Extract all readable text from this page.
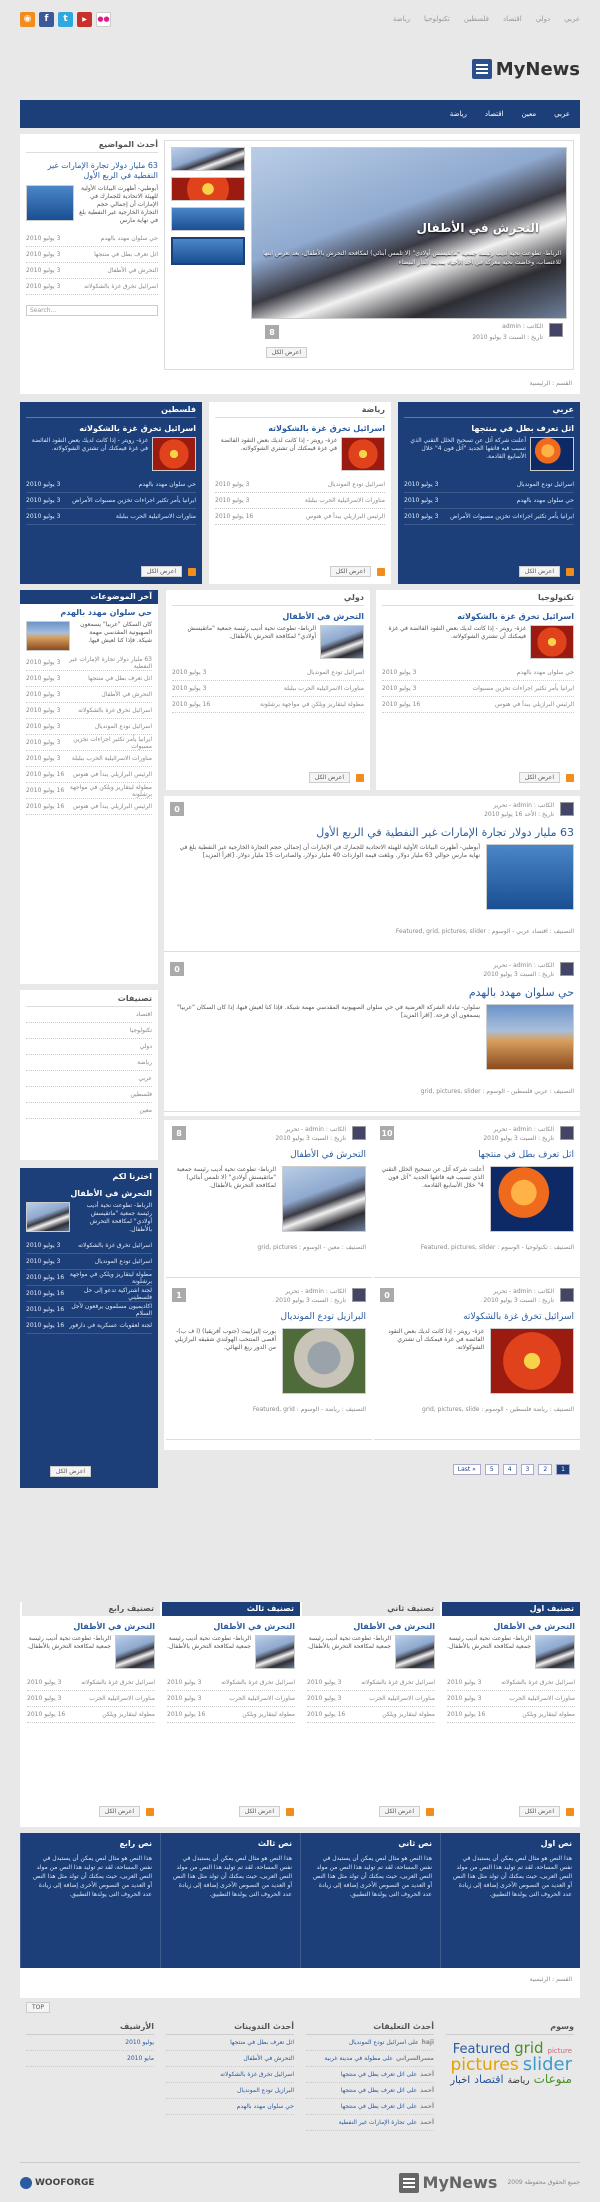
عربي
دولي
اقتصاد
فلسطين
تكنولوجيا
رياضة
◉	f	t	▶	●●
MyNews
عربي
معين
اقتصاد
رياضة
التحرش في الأطفال
الرباط- تطوعت نحية أديب رئيسة جمعية "ماتقيسش أولادي" (لا تلمس أبنائي) لمكافحة التحرش بالأطفال، بعد تعرض ابنها للاغتصاب، وخاضت نحية معركة في أحد الأحياء بمدينة الدار البيضاء
الكاتب : admin
تاريخ : السبت 3 يوليو 2010
8
اعرض الكل
أحدث المواضيع
63 مليار دولار تجارة الإمارات غير النفطية في الربع الأول
أبوظبي- أظهرت البيانات الأولية للهيئة الاتحادية للجمارك في الإمارات أن إجمالي حجم التجارة الخارجية غير النفطية بلغ في نهاية مارس
حي سلوان مهدد بالهدم
3 يوليو 2010
اثل تعرف بطل في منتجها
3 يوليو 2010
التحرش في الأطفال
3 يوليو 2010
اسرائيل تخرق غزة بالشكولاته
3 يوليو 2010
Search...
القسم : الرئيسية
عربي
اثل تعرف بطل في منتجها
أعلنت شركة آثل عن تسحيح الخلل التقني الذي تسبب فيه فاتفها الجديد "آثل فون 4" خلال الأسابيع القادمة.
اسرائيل تودع المونديال
3 يوليو 2010
حي سلوان مهدد بالهدم
3 يوليو 2010
ايرانيا يأمر تكثير اجراءات تخزين مسبوات الأمراض
3 يوليو 2010
اعرض الكل
رياضة
اسرائيل تخرق غزة بالشكولاته
غزة- رويتر - إذا كانت لديك بعض النقود الفائضة في غزة فيمكنك أن تشتري الشوكولاته.
اسرائيل تودع المونديال
3 يوليو 2010
مناورات الاسرائيلية الحرب ببلبلة
3 يوليو 2010
الرئيس البرازيلي يبدأ في هنوس
16 يوليو 2010
اعرض الكل
فلسطين
اسرائيل تخرق غزة بالشكولاته
غزة- رويتر - إذا كانت لديك بعض النقود الفائضة في غزة فيمكنك أن تشتري الشوكولاته.
حي سلوان مهدد بالهدم
3 يوليو 2010
ايرانيا يأمر تكثير اجراءات تخزين مسبوات الأمراض
3 يوليو 2010
مناورات الاسرائيلية الحرب ببلبلة
3 يوليو 2010
اعرض الكل
آخر الموضوعات
حي سلوان مهدد بالهدم
كان السكان "عربيا" يسمعون الصهيونية المقدسي مهمة شيكة. فإذا كنا لعيش فيها.
63 مليار دولار تجارة الإمارات غير النفطية
3 يوليو 2010
اثل تعرف بطل في منتجها
3 يوليو 2010
التحرش في الأطفال
3 يوليو 2010
اسرائيل تخرق غزة بالشكولاته
3 يوليو 2010
اسرائيل تودع المونديال
3 يوليو 2010
ايرانيا يأمر تكثير اجراءات تخزين مسبوات
3 يوليو 2010
مناورات الاسرائيلية الحرب ببلبلة
3 يوليو 2010
الرئيس البرازيلي يبدأ في هنوس
16 يوليو 2010
مطولة ليتقاريز ويلكن في مواجهة برشلونة
16 يوليو 2010
الرئيس البرازيلي يبدأ في هنوس
16 يوليو 2010
تصنيفات
اقتصاد
تكنولوجيا
دولي
رياضة
عربي
فلسطين
معين
اخترنا لكم
التحرش في الأطفال
الرباط- تطوعت نحية أديب رئيسة جمعية "ماتقيسش أولادي" لمكافحة التحرش بالأطفال.
اسرائيل تخرق غزة بالشكولاته
3 يوليو 2010
اسرائيل تودع المونديال
3 يوليو 2010
مطولة ليتقاريز ويلكن في مواجهة برشلونة
16 يوليو 2010
لجنة اشتراكية تدعو إلى حل فلسطيني
16 يوليو 2010
اكاديميون مسلمون يرفعون لأجل السلام
16 يوليو 2010
لجنة لعقوبات عسكرية في دارفور
16 يوليو 2010
اعرض الكل
تكنولوجيا
اسرائيل تخرق غزة بالشكولاته
غزة- رويتر - إذا كانت لديك بعض النقود الفائضة في غزة فيمكنك أن تشتري الشوكولاته.
حي سلوان مهدد بالهدم
3 يوليو 2010
ايرانيا يأمر تكثير اجراءات تخزين مسبوات
3 يوليو 2010
الرئيس البرازيلي يبدأ في هنوس
16 يوليو 2010
اعرض الكل
دولي
التحرش في الأطفال
الرباط- تطوعت نحية أديب رئيسة جمعية "ماتقيسش أولادي" لمكافحة التحرش بالأطفال.
اسرائيل تودع المونديال
3 يوليو 2010
مناورات الاسرائيلية الحرب ببلبلة
3 يوليو 2010
مطولة ليتقاريز ويلكن في مواجهة برشلونة
16 يوليو 2010
اعرض الكل
الكاتب : admin - تحرير
تاريخ : الأحد 16 يوليو 2010
0
63 مليار دولار تجارة الإمارات غير النفطية في الربع الأول
أبوظبي- أظهرت البيانات الأولية للهيئة الاتحادية للجمارك في الإمارات أن إجمالي حجم التجارة الخارجية غير النفطية بلغ في نهاية مارس حوالي 63 مليار دولار. وبلغت قيمة الواردات 40 مليار دولار، والصادرات 15 مليار دولار. [اقرأ المزيد]
التصنيف : اقتصاد عربي - الوسوم : Featured, grid, pictures, slider
الكاتب : admin - تحرير
تاريخ : السبت 3 يوليو 2010
0
حي سلوان مهدد بالهدم
سلوان- تبادلة الشركة العرضية في حي سلوان الصهيونية المقدسي مهمة شيكة. فإذا كنا لعيش فيها، إذا كان السكان "عربيا" يسمعون أي فرحة. [اقرأ المزيد]
التصنيف : عربي فلسطين - الوسوم : grid, pictures, slider
الكاتب : admin - تحرير
تاريخ : السبت 3 يوليو 2010
10
اثل تعرف بطل في منتجها
أعلنت شركة آثل عن تسحيح الخلل التقني الذي تسبب فيه فاتفها الجديد "آثل فون 4" خلال الأسابيع القادمة.
التصنيف : تكنولوجيا - الوسوم : Featured, pictures, slider
الكاتب : admin - تحرير
تاريخ : السبت 3 يوليو 2010
8
التحرش في الأطفال
الرباط- تطوعت نحية أديب رئيسة جمعية "ماتقيسش أولادي" (لا تلمس أبنائي) لمكافحة التحرش بالأطفال.
التصنيف : معين - الوسوم : grid, pictures
الكاتب : admin - تحرير
تاريخ : السبت 3 يوليو 2010
0
اسرائيل تخرق غزة بالشكولاته
غزة- رويتر - إذا كانت لديك بعض النقود الفائضة في غزة فيمكنك أن تشتري الشوكولاته.
التصنيف : رياضة فلسطين - الوسوم : grid, pictures, slide
الكاتب : admin - تحرير
تاريخ : السبت 3 يوليو 2010
1
البرازيل تودع المونديال
بورت إليزابيث (جنوب أفريقيا) (ا ف ب)- أقصى المنتخب الهولندي شقيقه البرازيلي من الدور ربع النهائي.
التصنيف : رياضة - الوسوم : Featured, grid
Last »	5	4	3	2	1
تصنيف اول
التحرش في الأطفال
الرباط- تطوعت نحية أديب رئيسة جمعية لمكافحة التحرش بالأطفال.
اسرائيل تخرق غزة بالشكولاته
3 يوليو 2010
مناورات الاسرائيلية الحرب
3 يوليو 2010
مطولة ليتقاريز ويلكن
16 يوليو 2010
اعرض الكل
تصنيف ثاني
التحرش في الأطفال
الرباط- تطوعت نحية أديب رئيسة جمعية لمكافحة التحرش بالأطفال.
اسرائيل تخرق غزة بالشكولاته
3 يوليو 2010
مناورات الاسرائيلية الحرب
3 يوليو 2010
مطولة ليتقاريز ويلكن
16 يوليو 2010
اعرض الكل
تصنيف ثالث
التحرش في الأطفال
الرباط- تطوعت نحية أديب رئيسة جمعية لمكافحة التحرش بالأطفال.
اسرائيل تخرق غزة بالشكولاته
3 يوليو 2010
مناورات الاسرائيلية الحرب
3 يوليو 2010
مطولة ليتقاريز ويلكن
16 يوليو 2010
اعرض الكل
تصنيف رابع
التحرش في الأطفال
الرباط- تطوعت نحية أديب رئيسة جمعية لمكافحة التحرش بالأطفال.
اسرائيل تخرق غزة بالشكولاته
3 يوليو 2010
مناورات الاسرائيلية الحرب
3 يوليو 2010
مطولة ليتقاريز ويلكن
16 يوليو 2010
اعرض الكل
نص اول
هذا النص هو مثال لنص يمكن أن يستبدل في نفس المساحة، لقد تم توليد هذا النص من مولد النص العربى، حيث يمكنك أن تولد مثل هذا النص أو العديد من النصوص الأخرى إضافة إلى زيادة عدد الحروف التى يولدها التطبيق.
نص ثاني
هذا النص هو مثال لنص يمكن أن يستبدل في نفس المساحة، لقد تم توليد هذا النص من مولد النص العربى، حيث يمكنك أن تولد مثل هذا النص أو العديد من النصوص الأخرى إضافة إلى زيادة عدد الحروف التى يولدها التطبيق.
نص ثالث
هذا النص هو مثال لنص يمكن أن يستبدل في نفس المساحة، لقد تم توليد هذا النص من مولد النص العربى، حيث يمكنك أن تولد مثل هذا النص أو العديد من النصوص الأخرى إضافة إلى زيادة عدد الحروف التى يولدها التطبيق.
نص رابع
هذا النص هو مثال لنص يمكن أن يستبدل في نفس المساحة، لقد تم توليد هذا النص من مولد النص العربى، حيث يمكنك أن تولد مثل هذا النص أو العديد من النصوص الأخرى إضافة إلى زيادة عدد الحروف التى يولدها التطبيق.
القسم : الرئيسية
TOP
وسوم
Featured grid picturepictures sliderاخبار اقتصاد رياضة منوعات
أحدث التعليقات
haji
على اسرائيل تودع المونديال
مسرالسراني
على مطولة في مدينة غربية
أحمد
على اثل تعرف بطل في منتجها
أحمد
على اثل تعرف بطل في منتجها
أحمد
على اثل تعرف بطل في منتجها
أحمد
على تجارة الإمارات غير النفطية
أحدث التدوينات
اثل تعرف بطل في منتجها
التحرش في الأطفال
اسرائيل تخرق غزة بالشكولاته
البرازيل تودع المونديال
حي سلوان مهدد بالهدم
الأرشيف
يوليو 2010
مايو 2010
MyNews جميع الحقوق محفوظة 2009
WOOFORGE
